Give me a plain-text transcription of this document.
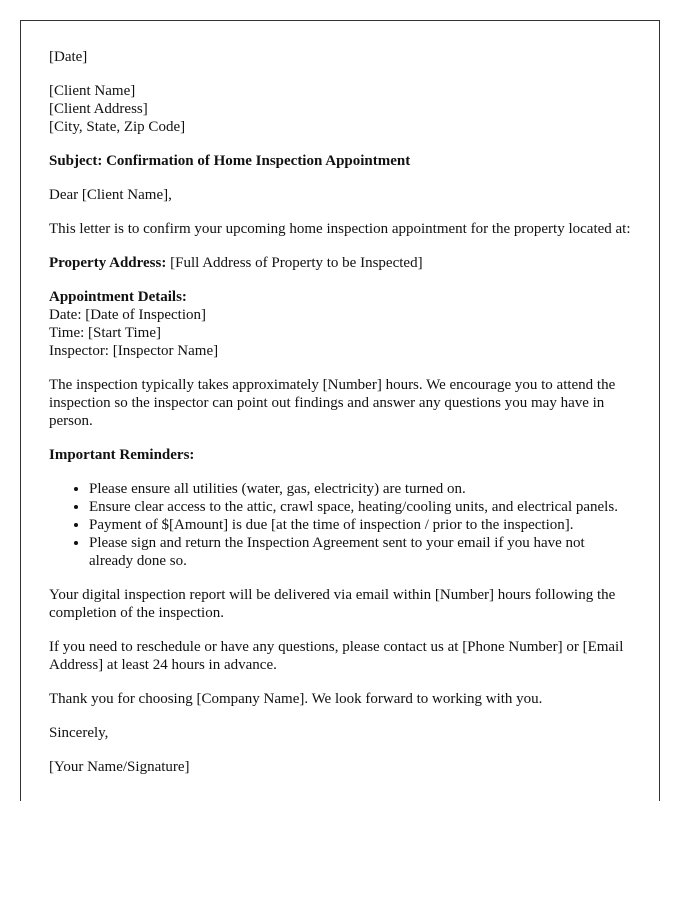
[Date]

[Client Name]
[Client Address]
[City, State, Zip Code]

Subject: Confirmation of Home Inspection Appointment

Dear [Client Name],

This letter is to confirm your upcoming home inspection appointment for the property located at:

Property Address: [Full Address of Property to be Inspected]

Appointment Details:
Date: [Date of Inspection]
Time: [Start Time]
Inspector: [Inspector Name]

The inspection typically takes approximately [Number] hours. We encourage you to attend the inspection so the inspector can point out findings and answer any questions you may have in person.

Important Reminders:

• Please ensure all utilities (water, gas, electricity) are turned on.
• Ensure clear access to the attic, crawl space, heating/cooling units, and electrical panels.
• Payment of $[Amount] is due [at the time of inspection / prior to the inspection].
• Please sign and return the Inspection Agreement sent to your email if you have not already done so.

Your digital inspection report will be delivered via email within [Number] hours following the completion of the inspection.

If you need to reschedule or have any questions, please contact us at [Phone Number] or [Email Address] at least 24 hours in advance.

Thank you for choosing [Company Name]. We look forward to working with you.

Sincerely,

[Your Name/Signature]
